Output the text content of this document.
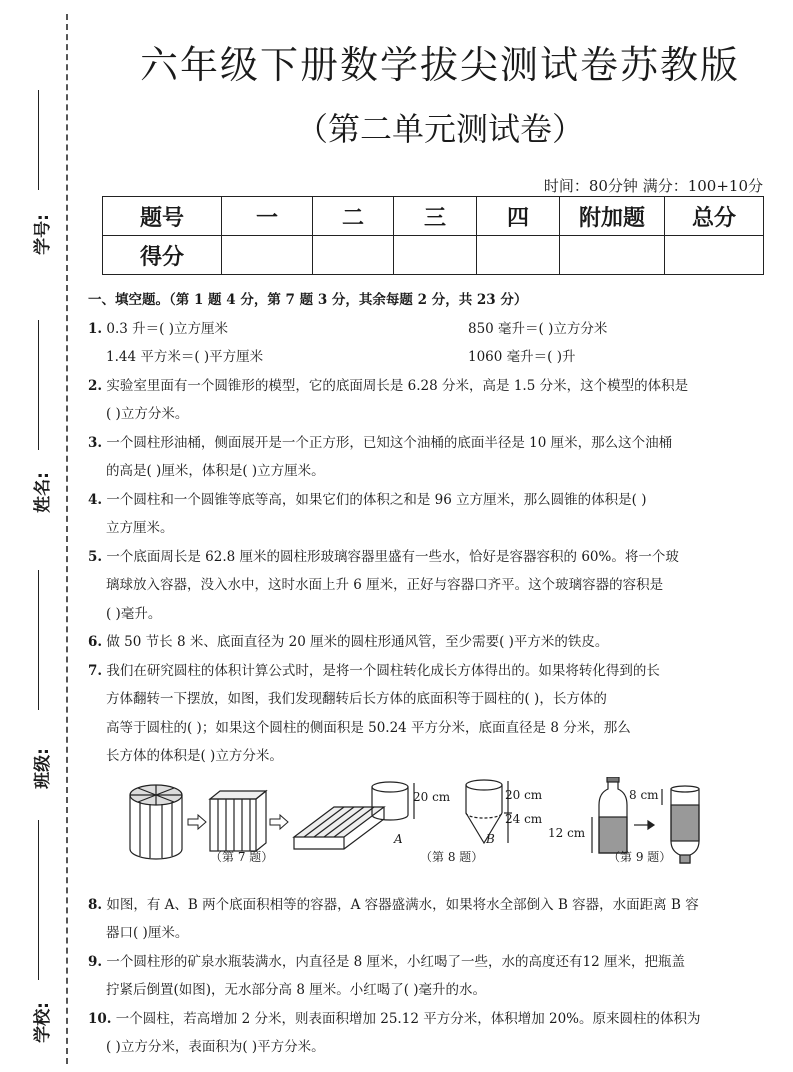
学号:
姓名:
班级:
学校:
六年级下册数学拔尖测试卷苏教版
（第二单元测试卷）
时间：80分钟 满分：100+10分
题号	一	二	三	四	附加题	总分
得分						

一、填空题。（第 1 题 4 分，第 7 题 3 分，其余每题 2 分，共 23 分）

1. 0.3 升＝( )立方厘米	850 毫升＝( )立方分米

1.44 平方米＝( )平方厘米	1060 毫升＝( )升

2. 实验室里面有一个圆锥形的模型，它的底面周长是 6.28 分米，高是 1.5 分米，这个模型的体积是

( )立方分米。

3. 一个圆柱形油桶，侧面展开是一个正方形，已知这个油桶的底面半径是 10 厘米，那么这个油桶

的高是( )厘米，体积是( )立方厘米。

4. 一个圆柱和一个圆锥等底等高，如果它们的体积之和是 96 立方厘米，那么圆锥的体积是( )

立方厘米。

5. 一个底面周长是 62.8 厘米的圆柱形玻璃容器里盛有一些水，恰好是容器容积的 60%。将一个玻

璃球放入容器，没入水中，这时水面上升 6 厘米，正好与容器口齐平。这个玻璃容器的容积是

( )毫升。

6. 做 50 节长 8 米、底面直径为 20 厘米的圆柱形通风管，至少需要( )平方米的铁皮。

7. 我们在研究圆柱的体积计算公式时，是将一个圆柱转化成长方体得出的。如果将转化得到的长

方体翻转一下摆放，如图，我们发现翻转后长方体的底面积等于圆柱的( )，长方体的

高等于圆柱的( )；如果这个圆柱的侧面积是 50.24 平方分米，底面直径是 8 分米，那么

长方体的体积是( )立方分米。

20 cm	20 cm
24 cm
A	B	12 cm
8 cm
（第 7 题）	（第 8 题）	（第 9 题）

8. 如图，有 A、B 两个底面积相等的容器，A 容器盛满水，如果将水全部倒入 B 容器，水面距离 B 容

器口( )厘米。

9. 一个圆柱形的矿泉水瓶装满水，内直径是 8 厘米，小红喝了一些，水的高度还有12 厘米，把瓶盖

拧紧后倒置(如图)，无水部分高 8 厘米。小红喝了( )毫升的水。

10. 一个圆柱，若高增加 2 分米，则表面积增加 25.12 平方分米，体积增加 20%。原来圆柱的体积为

( )立方分米，表面积为( )平方分米。
